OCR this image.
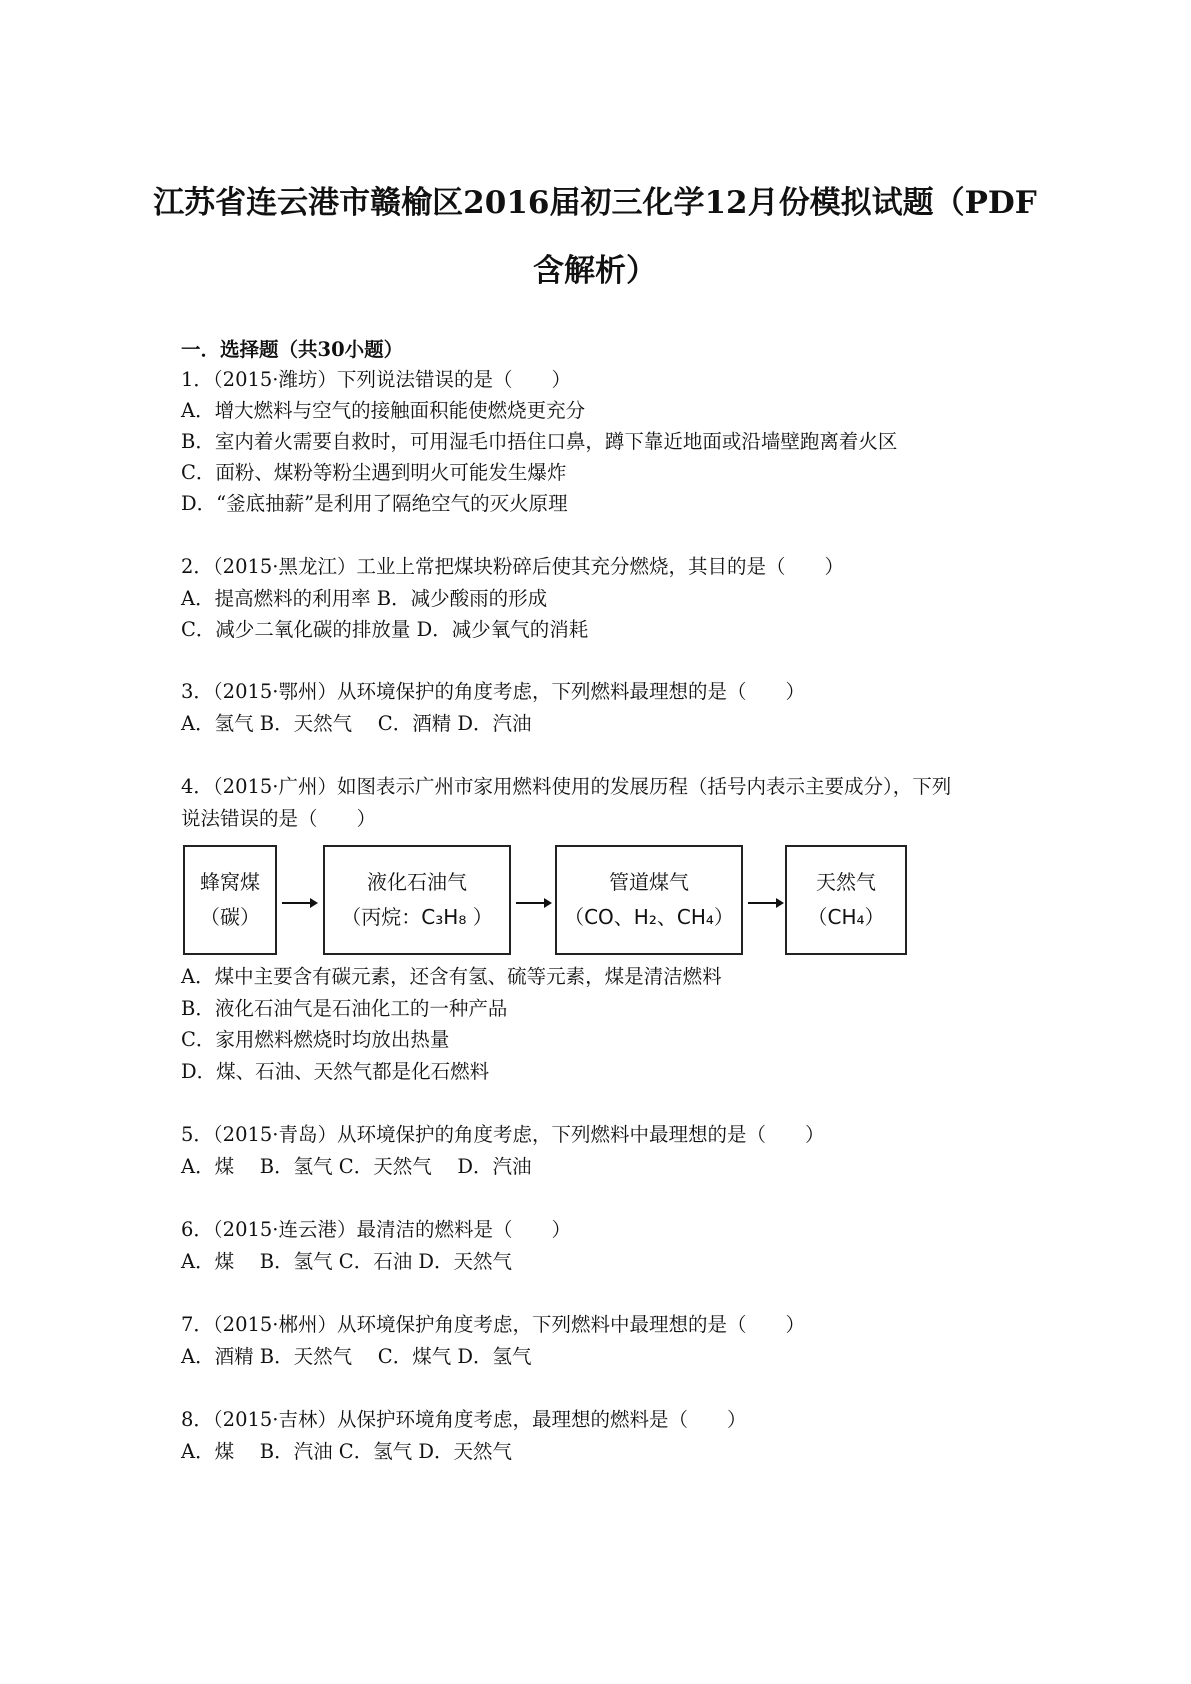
江苏省连云港市赣榆区2016届初三化学12月份模拟试题（PDF
含解析）
一．选择题（共30小题）
1．（2015·潍坊）下列说法错误的是（　　）
A．增大燃料与空气的接触面积能使燃烧更充分
B．室内着火需要自救时，可用湿毛巾捂住口鼻，蹲下靠近地面或沿墙壁跑离着火区
C．面粉、煤粉等粉尘遇到明火可能发生爆炸
D．“釜底抽薪”是利用了隔绝空气的灭火原理
2．（2015·黑龙江）工业上常把煤块粉碎后使其充分燃烧，其目的是（　　）
A．提高燃料的利用率 B．减少酸雨的形成
C．减少二氧化碳的排放量 D．减少氧气的消耗
3．（2015·鄂州）从环境保护的角度考虑，下列燃料最理想的是（　　）
A．氢气 B．天然气　 C．酒精 D．汽油
4．（2015·广州）如图表示广州市家用燃料使用的发展历程（括号内表示主要成分），下列
说法错误的是（　　）
蜂窝煤
（碳）
液化石油气
（丙烷：C₃H₈ ）
管道煤气
（CO、H₂、CH₄）
天然气
（CH₄）
A．煤中主要含有碳元素，还含有氢、硫等元素，煤是清洁燃料
B．液化石油气是石油化工的一种产品
C．家用燃料燃烧时均放出热量
D．煤、石油、天然气都是化石燃料
5．（2015·青岛）从环境保护的角度考虑，下列燃料中最理想的是（　　）
A．煤　 B．氢气 C．天然气　 D．汽油
6．（2015·连云港）最清洁的燃料是（　　）
A．煤　 B．氢气 C．石油 D．天然气
7．（2015·郴州）从环境保护角度考虑，下列燃料中最理想的是（　　）
A．酒精 B．天然气　 C．煤气 D．氢气
8．（2015·吉林）从保护环境角度考虑，最理想的燃料是（　　）
A．煤　 B．汽油 C．氢气 D．天然气
